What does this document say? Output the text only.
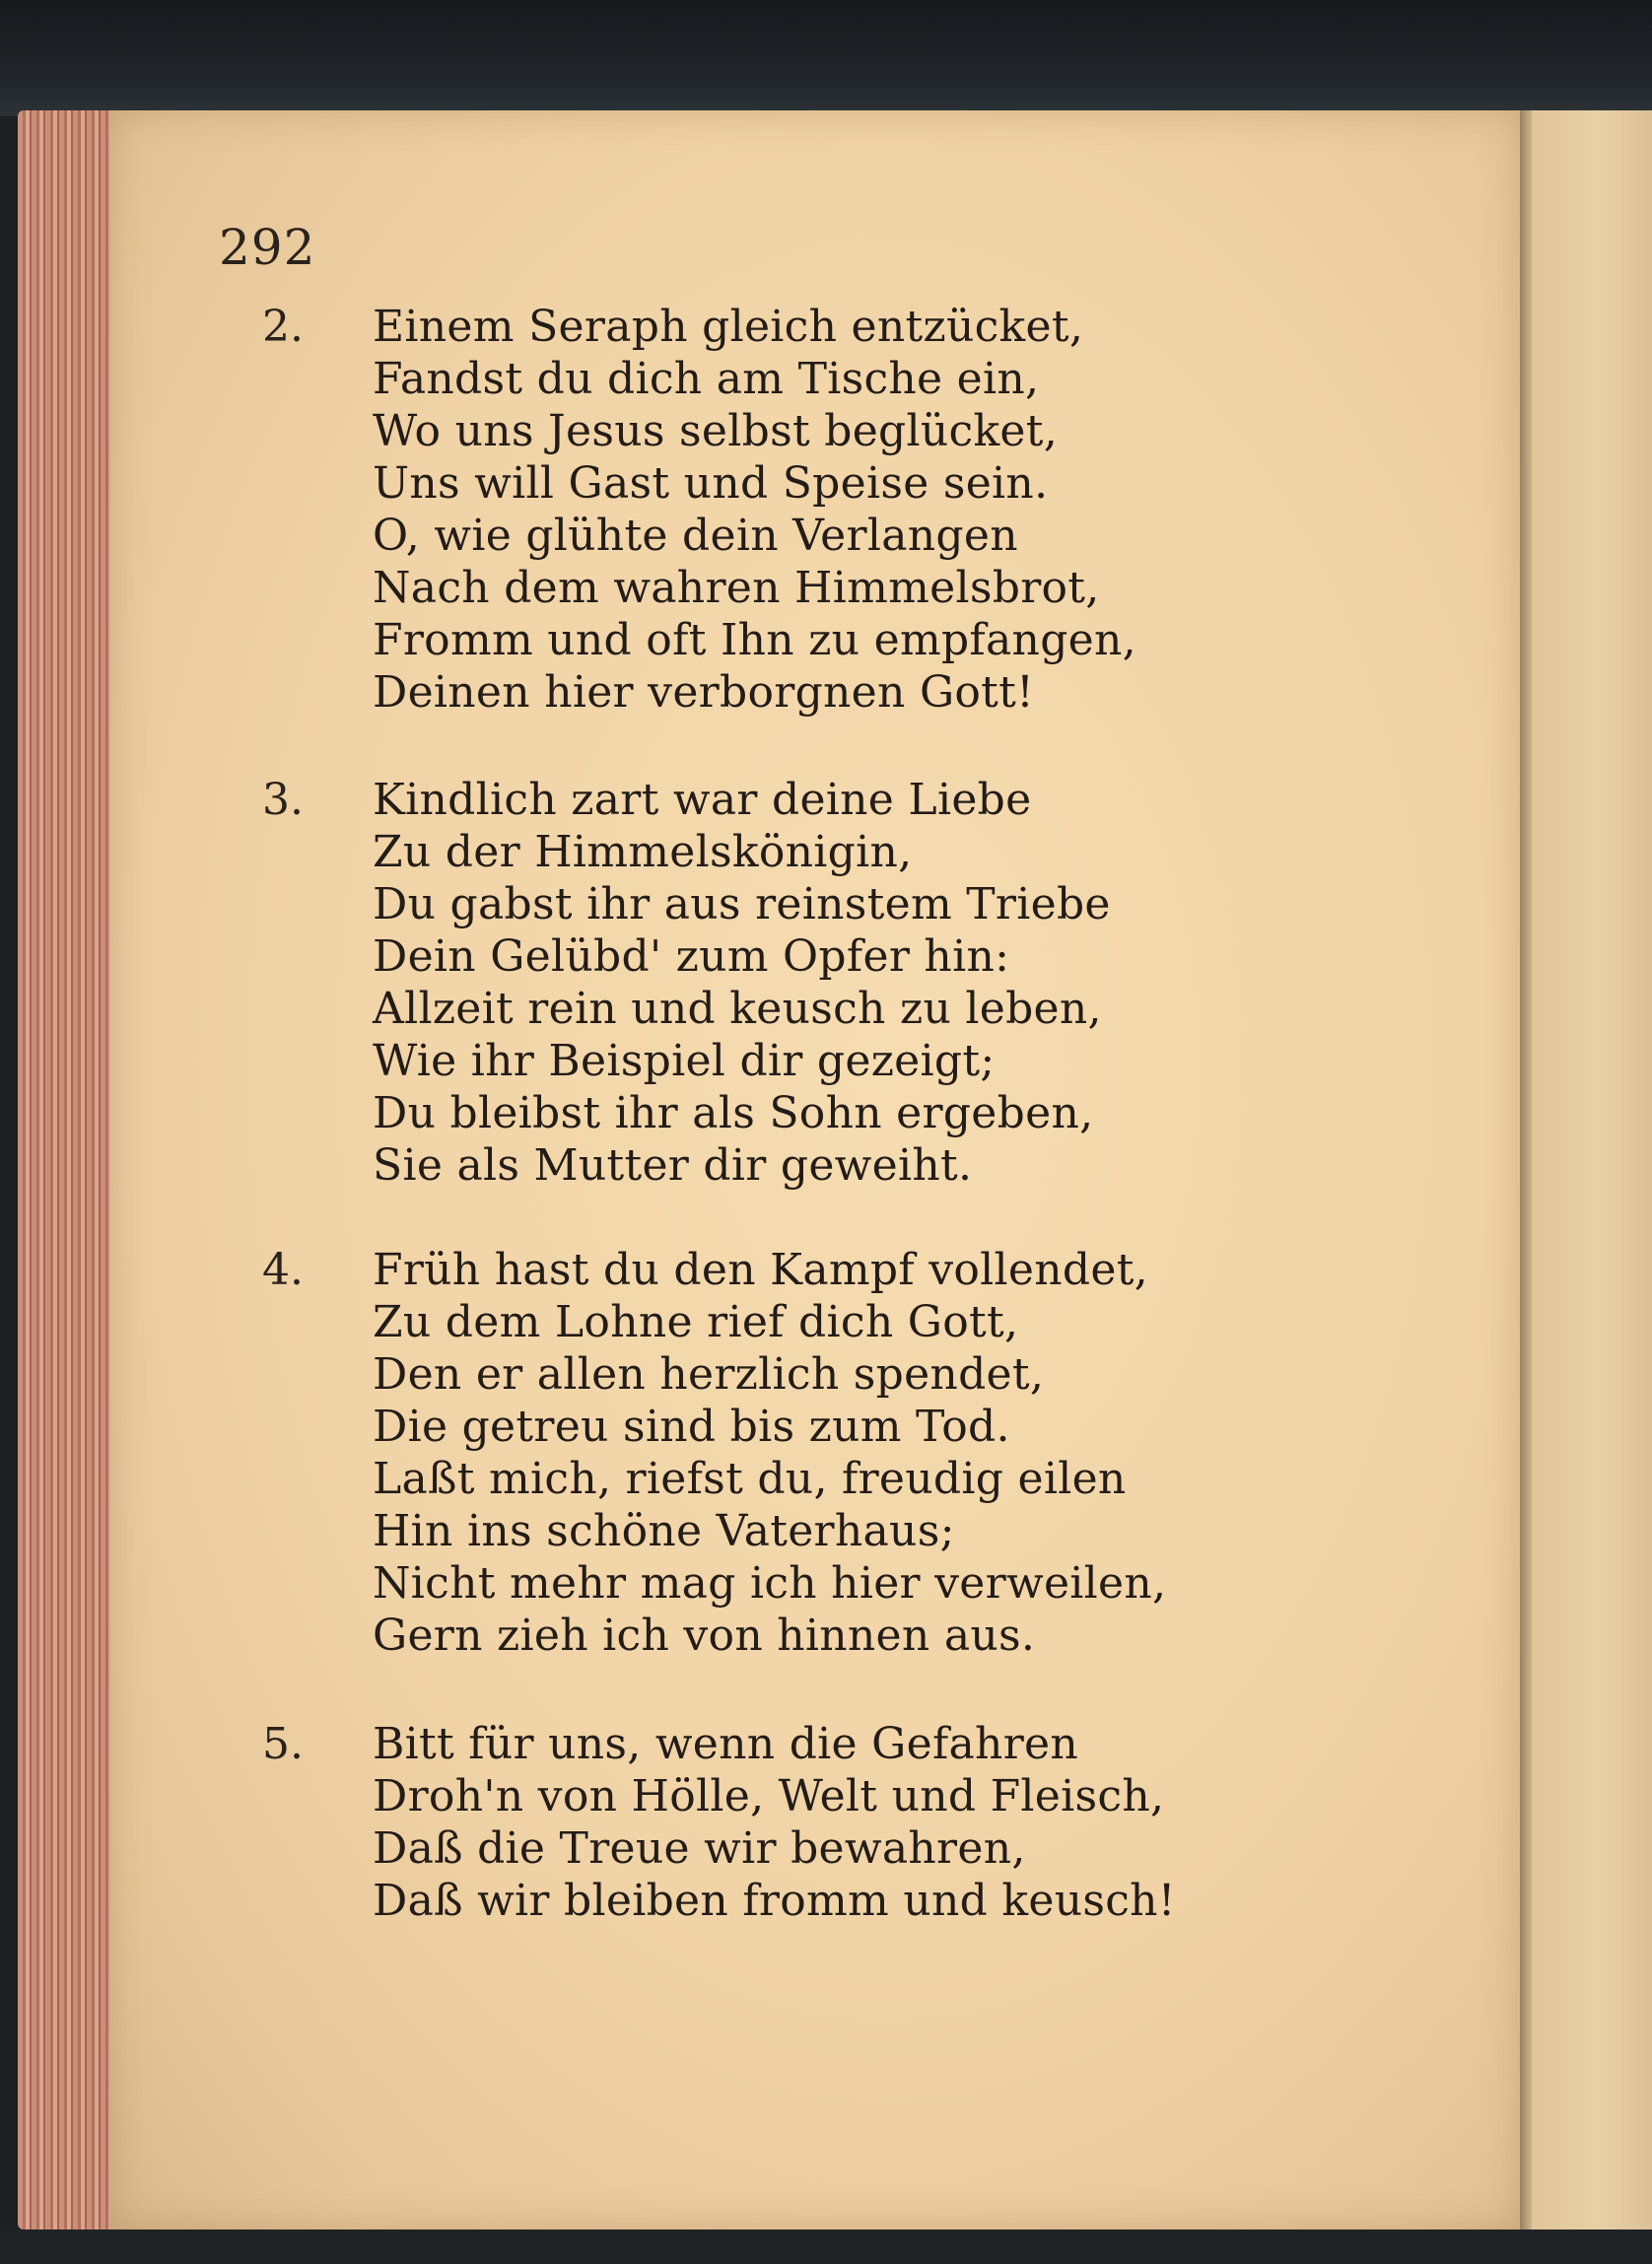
292
2. Einem Seraph gleich entzücket,
Fandst du dich am Tische ein,
Wo uns Jesus selbst beglücket,
Uns will Gast und Speise sein.
O, wie glühte dein Verlangen
Nach dem wahren Himmelsbrot,
Fromm und oft Ihn zu empfangen,
Deinen hier verborgnen Gott!
3. Kindlich zart war deine Liebe
Zu der Himmelskönigin,
Du gabst ihr aus reinstem Triebe
Dein Gelübd' zum Opfer hin:
Allzeit rein und keusch zu leben,
Wie ihr Beispiel dir gezeigt;
Du bleibst ihr als Sohn ergeben,
Sie als Mutter dir geweiht.
4. Früh hast du den Kampf vollendet,
Zu dem Lohne rief dich Gott,
Den er allen herzlich spendet,
Die getreu sind bis zum Tod.
Laßt mich, riefst du, freudig eilen
Hin ins schöne Vaterhaus;
Nicht mehr mag ich hier verweilen,
Gern zieh ich von hinnen aus.
5. Bitt für uns, wenn die Gefahren
Droh'n von Hölle, Welt und Fleisch,
Daß die Treue wir bewahren,
Daß wir bleiben fromm und keusch!
